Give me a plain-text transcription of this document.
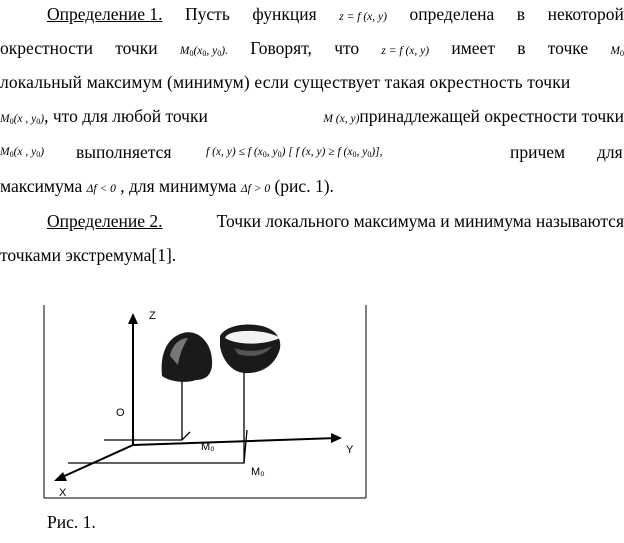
Определение 1. Пусть функция z = f (x, y) определена в некоторой
окрестности точки $M_0(x_0$, $y_0$). Говорят, что z = f (x, y) имеет в точке $M_0$
локальный максимум (минимум) если существует такая окрестность точки
$M_0(x$ , $y_0$), что для любой точки	M (x, y)принадлежащей окрестности точки
$M_0(x$ , $y_0$) выполняется	f (x, y) ≤ f ($x_0$, $y_0$) [ f (x, y) ≥ f ($x_0$, $y_0$)],	причем для
максимума Δf < 0 , для минимума Δf > 0 (рис. 1).
Определение 2.	Точки локального максимума и минимума называются
точками экстремума[1].
Z
Y
X
O
M₀
M₀
Рис. 1.
